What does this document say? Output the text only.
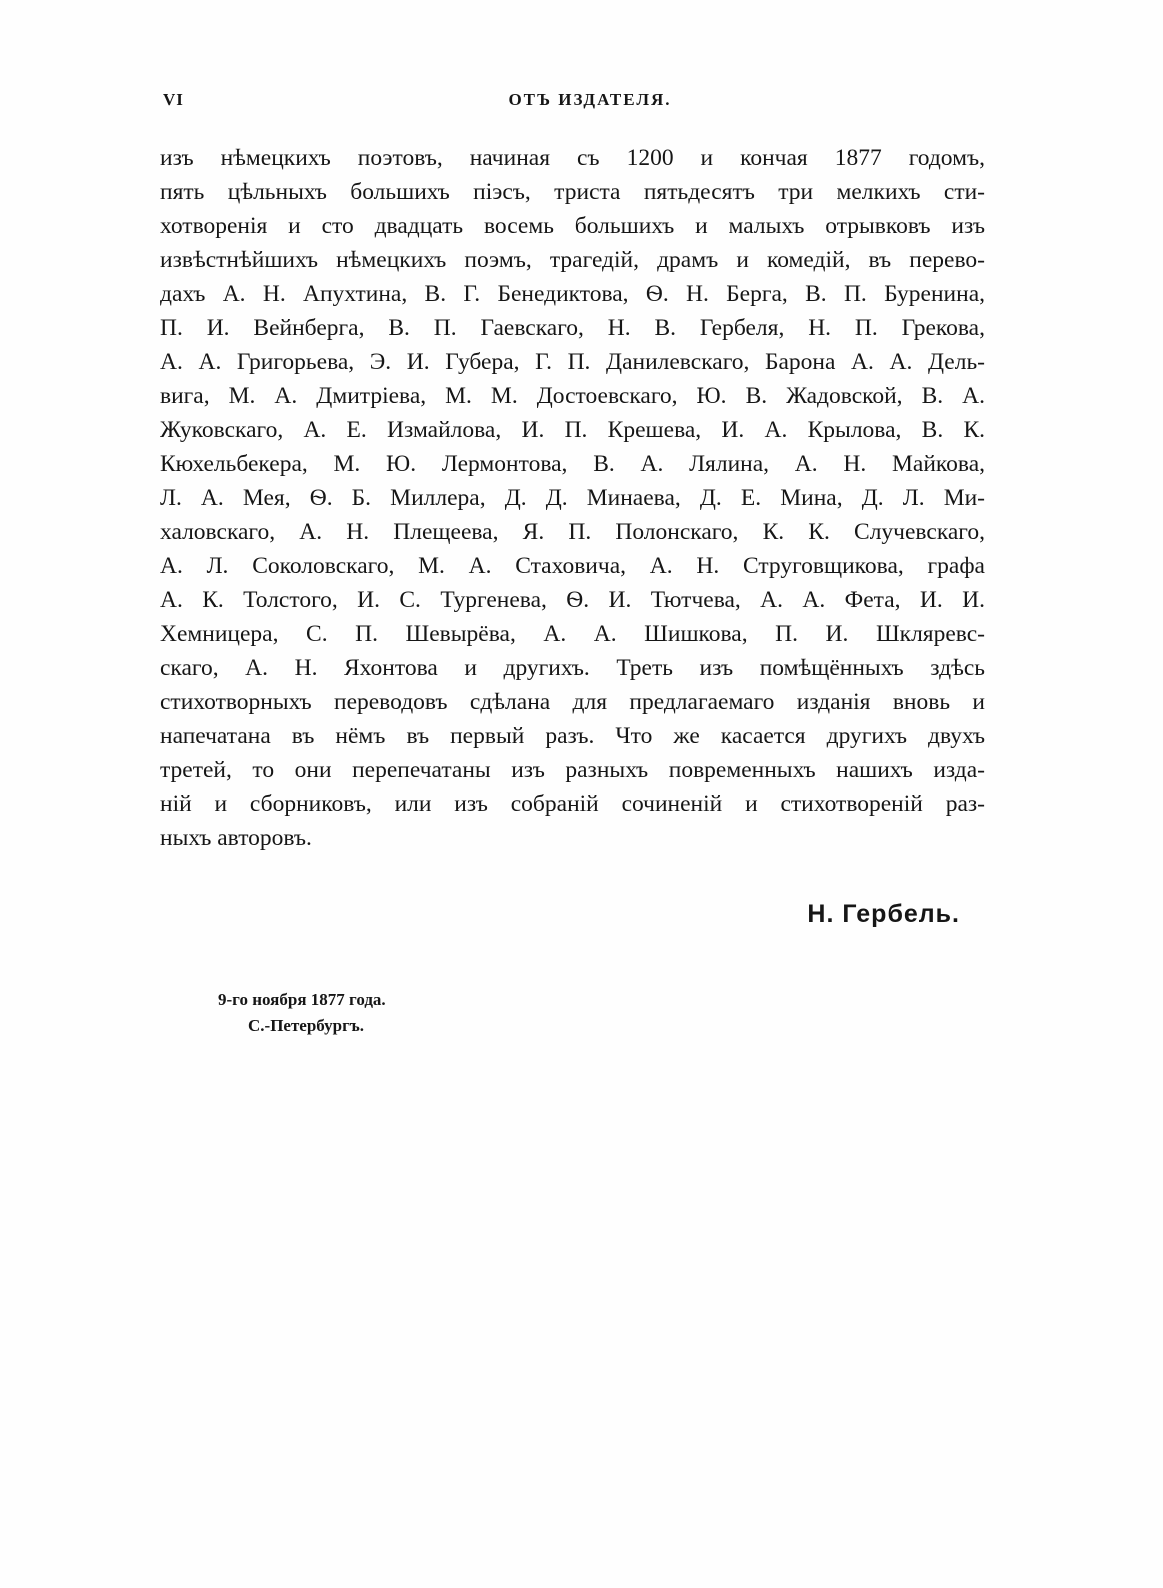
VI	ОТЪ ИЗДАТЕЛЯ.
изъ нѣмецкихъ поэтовъ, начиная съ 1200 и кончая 1877 годомъ,
пять цѣльныхъ большихъ піэсъ, триста пятьдесятъ три мелкихъ сти-
хотворенія и сто двадцать восемь большихъ и малыхъ отрывковъ изъ
извѣстнѣйшихъ нѣмецкихъ поэмъ, трагедій, драмъ и комедій, въ перево-
дахъ А. Н. Апухтина, В. Г. Бенедиктова, Ѳ. Н. Берга, В. П. Буренина,
П. И. Вейнберга, В. П. Гаевскаго, Н. В. Гербеля, Н. П. Грекова,
А. А. Григорьева, Э. И. Губера, Г. П. Данилевскаго, Барона А. А. Дель-
вига, М. А. Дмитріева, М. М. Достоевскаго, Ю. В. Жадовской, В. А.
Жуковскаго, А. Е. Измайлова, И. П. Крешева, И. А. Крылова, В. К.
Кюхельбекера, М. Ю. Лермонтова, В. А. Лялина, А. Н. Майкова,
Л. А. Мея, Ѳ. Б. Миллера, Д. Д. Минаева, Д. Е. Мина, Д. Л. Ми-
халовскаго, А. Н. Плещеева, Я. П. Полонскаго, К. К. Случевскаго,
А. Л. Соколовскаго, М. А. Стаховича, А. Н. Струговщикова, графа
А. К. Толстого, И. С. Тургенева, Ѳ. И. Тютчева, А. А. Фета, И. И.
Хемницера, С. П. Шевырёва, А. А. Шишкова, П. И. Шкляревс-
скаго, А. Н. Яхонтова и другихъ. Треть изъ помѣщённыхъ здѣсь
стихотворныхъ переводовъ сдѣлана для предлагаемаго изданія вновь и
напечатана въ нёмъ въ первый разъ. Что же касается другихъ двухъ
третей, то они перепечатаны изъ разныхъ повременныхъ нашихъ изда-
ній и сборниковъ, или изъ собраній сочиненій и стихотвореній раз-
ныхъ авторовъ.
Н. Гербель.
9-го ноября 1877 года.
С.-Петербургъ.
